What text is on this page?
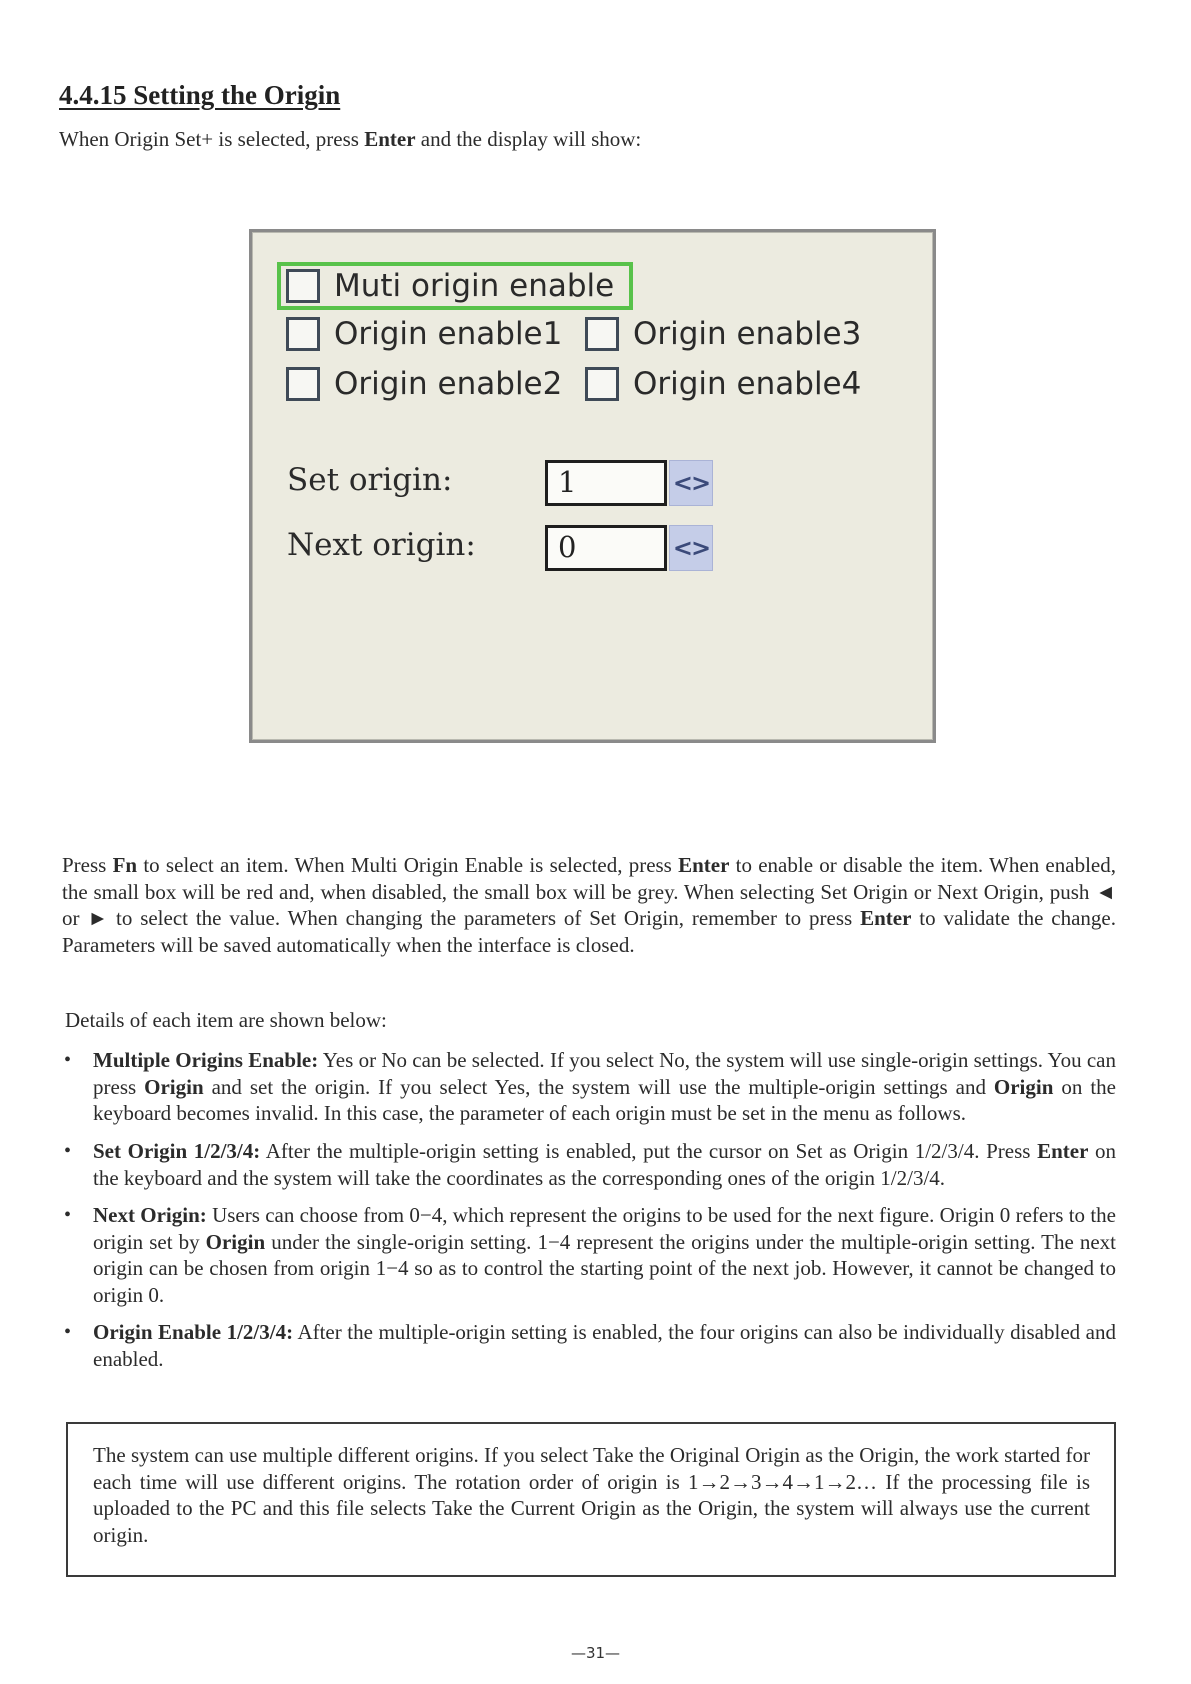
4.4.15 Setting the Origin

When Origin Set+ is selected, press Enter and the display will show:

Muti origin enable
Origin enable1 Origin enable3
Origin enable2 Origin enable4
Set origin:	1	<>
Next origin:	0	<>

Press Fn to select an item. When Multi Origin Enable is selected, press Enter to enable or disable the item. When enabled, the small box will be red and, when disabled, the small box will be grey. When selecting Set Origin or Next Origin, push ◄ or ► to select the value. When changing the parameters of Set Origin, remember to press Enter to validate the change. Parameters will be saved automatically when the interface is closed.

Details of each item are shown below:

• Multiple Origins Enable: Yes or No can be selected. If you select No, the system will use single-origin settings. You can press Origin and set the origin. If you select Yes, the system will use the multiple-origin settings and Origin on the keyboard becomes invalid. In this case, the parameter of each origin must be set in the menu as follows.
• Set Origin 1/2/3/4: After the multiple-origin setting is enabled, put the cursor on Set as Origin 1/2/3/4. Press Enter on the keyboard and the system will take the coordinates as the corresponding ones of the origin 1/2/3/4.
• Next Origin: Users can choose from 0−4, which represent the origins to be used for the next figure. Origin 0 refers to the origin set by Origin under the single-origin setting. 1−4 represent the origins under the multiple-origin setting. The next origin can be chosen from origin 1−4 so as to control the starting point of the next job. However, it cannot be changed to origin 0.
• Origin Enable 1/2/3/4: After the multiple-origin setting is enabled, the four origins can also be individually disabled and enabled.
The system can use multiple different origins. If you select Take the Original Origin as the Origin, the work started for each time will use different origins. The rotation order of origin is 1→2→3→4→1→2… If the processing file is uploaded to the PC and this file selects Take the Current Origin as the Origin, the system will always use the current origin.
—31—
